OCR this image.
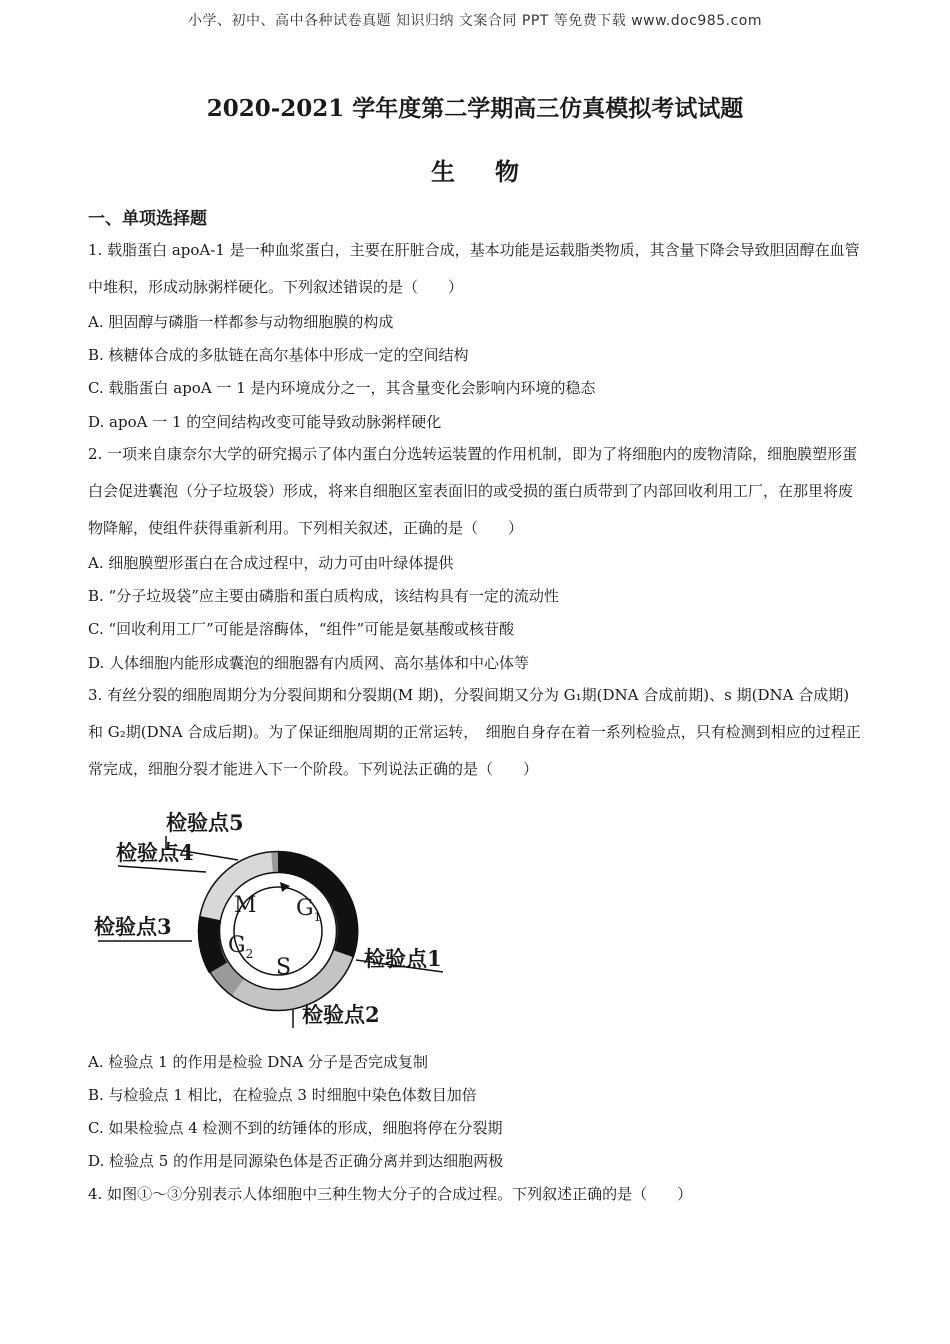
小学、初中、高中各种试卷真题 知识归纳 文案合同 PPT 等免费下载 www.doc985.com
2020-2021 学年度第二学期高三仿真模拟考试试题
生物
一、单项选择题
1. 载脂蛋白 apoA-1 是一种血浆蛋白，主要在肝脏合成，基本功能是运载脂类物质，其含量下降会导致胆固醇在血管中堆积，形成动脉粥样硬化。下列叙述错误的是（　　）
A. 胆固醇与磷脂一样都参与动物细胞膜的构成
B. 核糖体合成的多肽链在高尔基体中形成一定的空间结构
C. 载脂蛋白 apoA 一 1 是内环境成分之一，其含量变化会影响内环境的稳态
D. apoA 一 1 的空间结构改变可能导致动脉粥样硬化
2. 一项来自康奈尔大学的研究揭示了体内蛋白分选转运装置的作用机制，即为了将细胞内的废物清除，细胞膜塑形蛋白会促进囊泡（分子垃圾袋）形成，将来自细胞区室表面旧的或受损的蛋白质带到了内部回收利用工厂，在那里将废物降解，使组件获得重新利用。下列相关叙述，正确的是（　　）
A. 细胞膜塑形蛋白在合成过程中，动力可由叶绿体提供
B. “分子垃圾袋”应主要由磷脂和蛋白质构成，该结构具有一定的流动性
C. “回收利用工厂”可能是溶酶体，“组件”可能是氨基酸或核苷酸
D. 人体细胞内能形成囊泡的细胞器有内质网、高尔基体和中心体等
3. 有丝分裂的细胞周期分为分裂间期和分裂期(M 期)，分裂间期又分为 G₁期(DNA 合成前期)、s 期(DNA 合成期) 和 G₂期(DNA 合成后期)。为了保证细胞周期的正常运转，　细胞自身存在着一系列检验点，只有检测到相应的过程正常完成，细胞分裂才能进入下一个阶段。下列说法正确的是（　　）
M $G_1$
$G_2$
S
检验点5
检验点4
检验点3
检验点1
检验点2
A. 检验点 1 的作用是检验 DNA 分子是否完成复制
B. 与检验点 1 相比，在检验点 3 时细胞中染色体数目加倍
C. 如果检验点 4 检测不到的纺锤体的形成，细胞将停在分裂期
D. 检验点 5 的作用是同源染色体是否正确分离并到达细胞两极
4. 如图①～③分别表示人体细胞中三种生物大分子的合成过程。下列叙述正确的是（　　）
